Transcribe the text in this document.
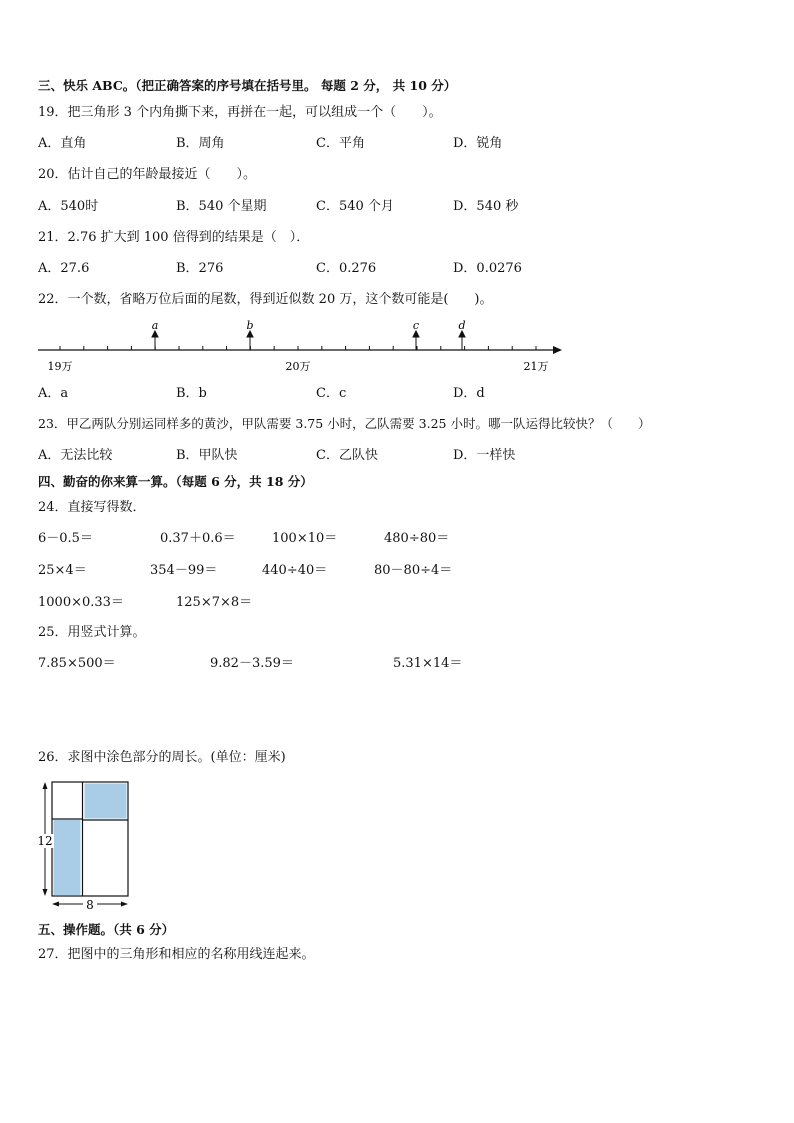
三、快乐 ABC。（把正确答案的序号填在括号里。 每题 2 分， 共 10 分）
19．把三角形 3 个内角撕下来，再拼在一起，可以组成一个（　　）。
A．直角	B．周角	C．平角	D．锐角
20．估计自己的年龄最接近（　　）。
A．540时	B．540 个星期	C．540 个月	D．540 秒
21．2.76 扩大到 100 倍得到的结果是（　）．
A．27.6	B．276	C．0.276	D．0.0276
22．一个数，省略万位后面的尾数，得到近似数 20 万，这个数可能是(　　)。
a	b	c	d
19万	20万	21万
A．a	B．b	C．c	D．d
23．甲乙两队分别运同样多的黄沙，甲队需要 3.75 小时，乙队需要 3.25 小时。哪一队运得比较快？（　　）
A．无法比较	B．甲队快	C．乙队快	D．一样快
四、勤奋的你来算一算。（每题 6 分，共 18 分）
24．直接写得数．
6－0.5＝	0.37＋0.6＝	100×10＝	480÷80＝
25×4＝	354－99＝	440÷40＝	80－80÷4＝
1000×0.33＝	125×7×8＝
25．用竖式计算。
7.85×500＝	9.82－3.59＝	5.31×14＝
26．求图中涂色部分的周长。(单位：厘米)
12
8
五、操作题。（共 6 分）
27．把图中的三角形和相应的名称用线连起来。
